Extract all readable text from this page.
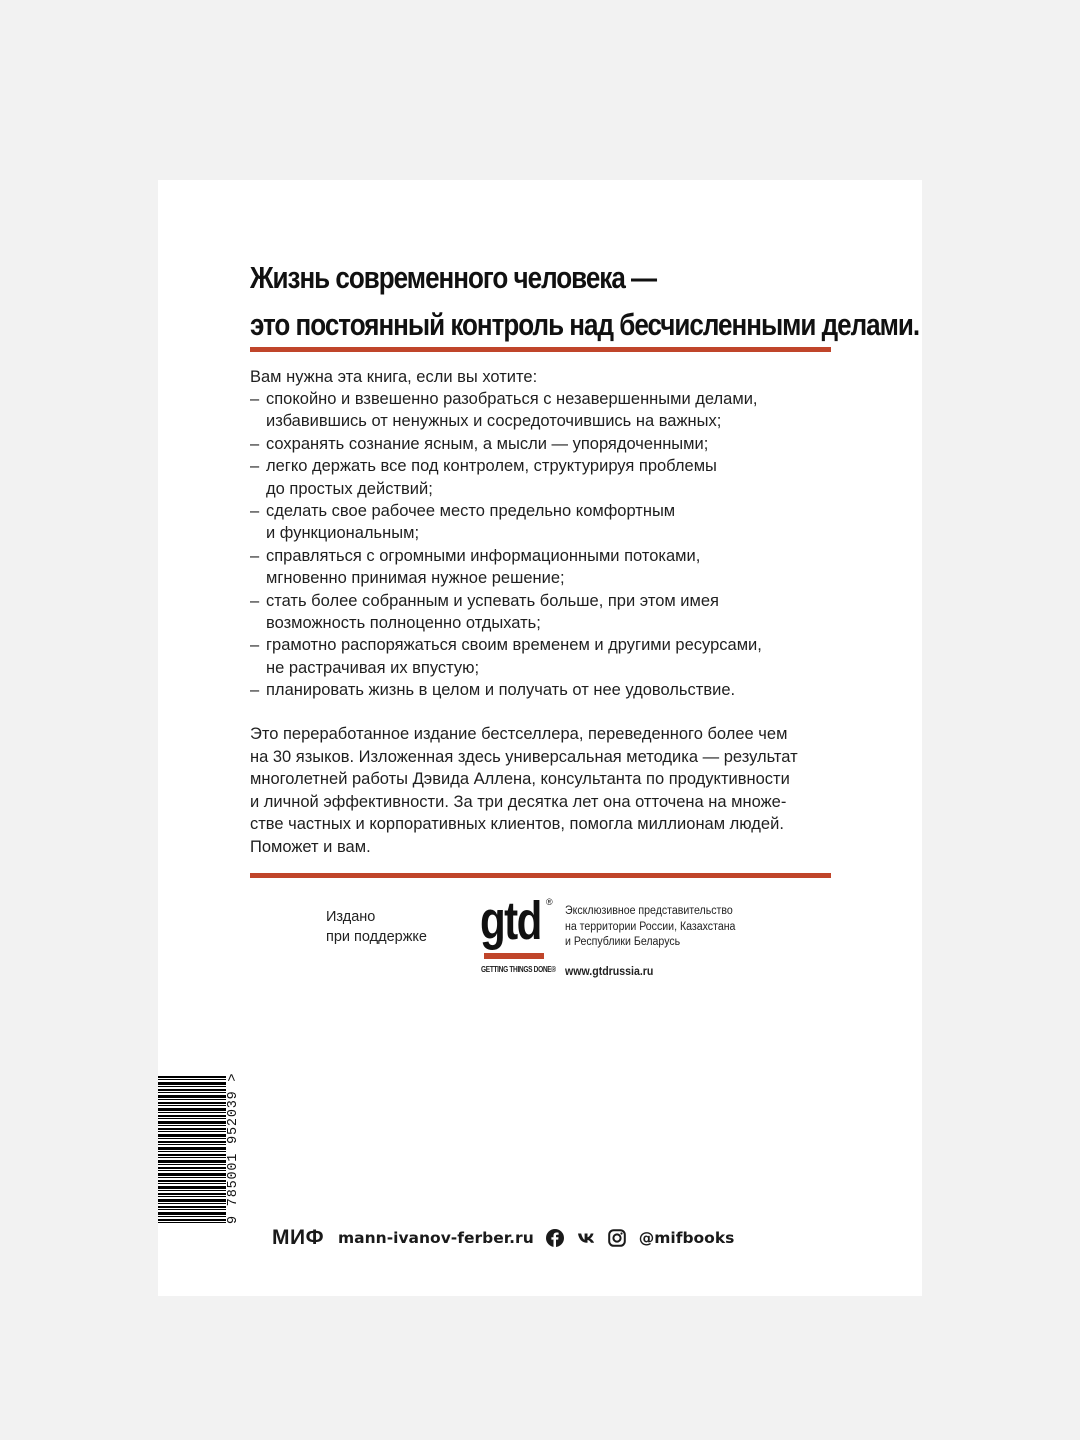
Жизнь современного человека —
это постоянный контроль над бесчисленными делами.
Вам нужна эта книга, если вы хотите:
– спокойно и взвешенно разобраться с незавершенными делами,
избавившись от ненужных и сосредоточившись на важных;
– сохранять сознание ясным, а мысли — упорядоченными;
– легко держать все под контролем, структурируя проблемы
до простых действий;
– сделать свое рабочее место предельно комфортным
и функциональным;
– справляться с огромными информационными потоками,
мгновенно принимая нужное решение;
– стать более собранным и успевать больше, при этом имея
возможность полноценно отдыхать;
– грамотно распоряжаться своим временем и другими ресурсами,
не растрачивая их впустую;
– планировать жизнь в целом и получать от нее удовольствие.
Это переработанное издание бестселлера, переведенного более чем
на 30 языков. Изложенная здесь универсальная методика — результат
многолетней работы Дэвида Аллена, консультанта по продуктивности
и личной эффективности. За три десятка лет она отточена на множе-
стве частных и корпоративных клиентов, помогла миллионам людей.
Поможет и вам.
Издано
при поддержке gtd ®
GETTING THINGS DONE®
Эксклюзивное представительство
на территории России, Казахстана
и Республики Беларусь
www.gtdrussia.ru
9 785001 952039 >
МИФ mann-ivanov-ferber.ru	@mifbooks
